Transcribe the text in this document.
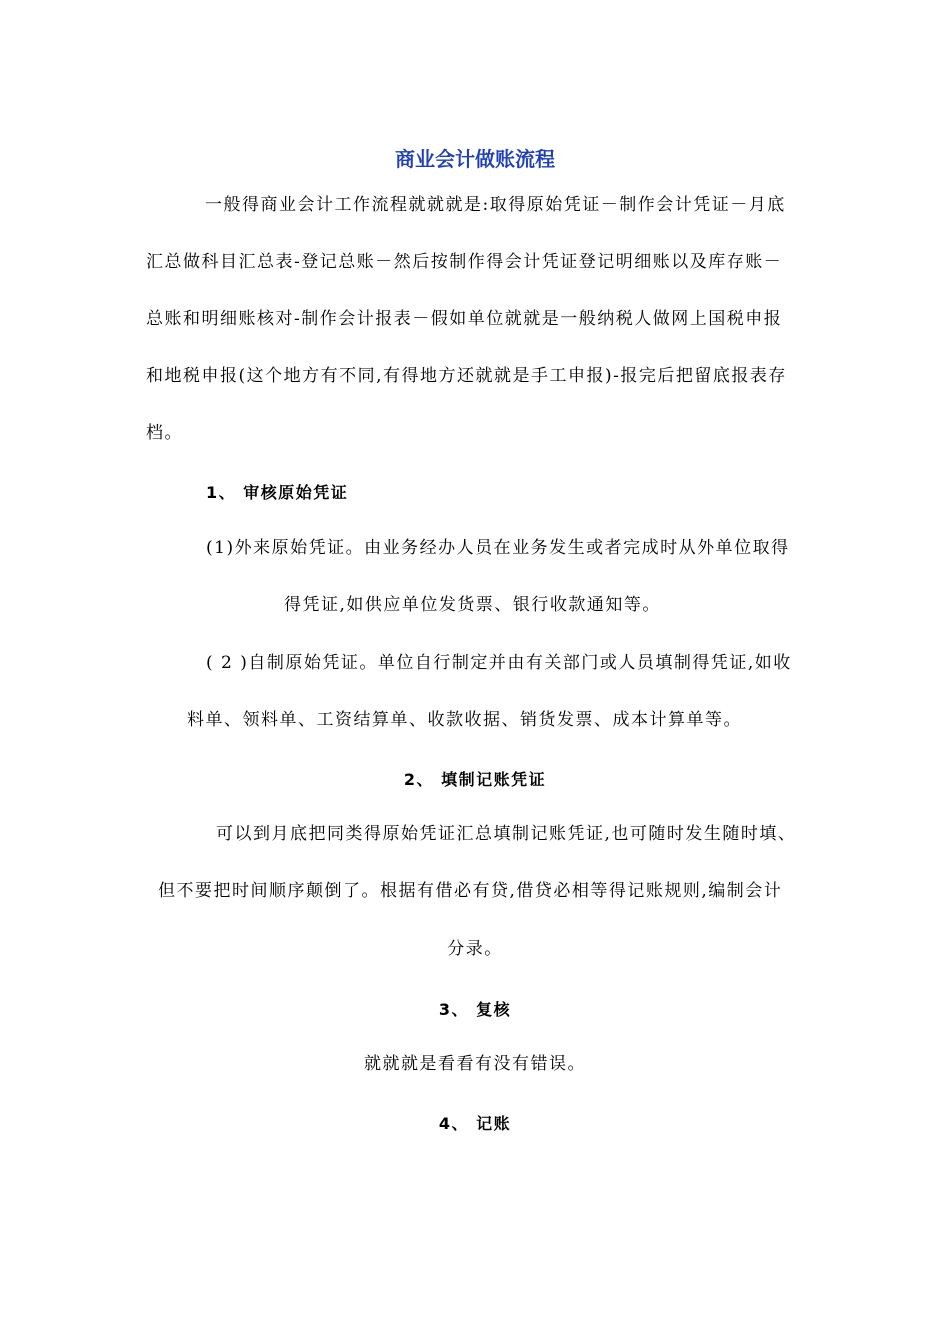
商业会计做账流程
一般得商业会计工作流程就就就是:取得原始凭证－制作会计凭证－月底
汇总做科目汇总表-登记总账－然后按制作得会计凭证登记明细账以及库存账－
总账和明细账核对-制作会计报表－假如单位就就是一般纳税人做网上国税申报
和地税申报(这个地方有不同,有得地方还就就是手工申报)-报完后把留底报表存
档。
1、 审核原始凭证
(1)外来原始凭证。由业务经办人员在业务发生或者完成时从外单位取得
得凭证,如供应单位发货票、银行收款通知等。
( 2 )自制原始凭证。单位自行制定并由有关部门或人员填制得凭证,如收
料单、领料单、工资结算单、收款收据、销货发票、成本计算单等。
2、 填制记账凭证
可以到月底把同类得原始凭证汇总填制记账凭证,也可随时发生随时填、
但不要把时间顺序颠倒了。根据有借必有贷,借贷必相等得记账规则,编制会计
分录。
3、 复核
就就就是看看有没有错误。
4、 记账
